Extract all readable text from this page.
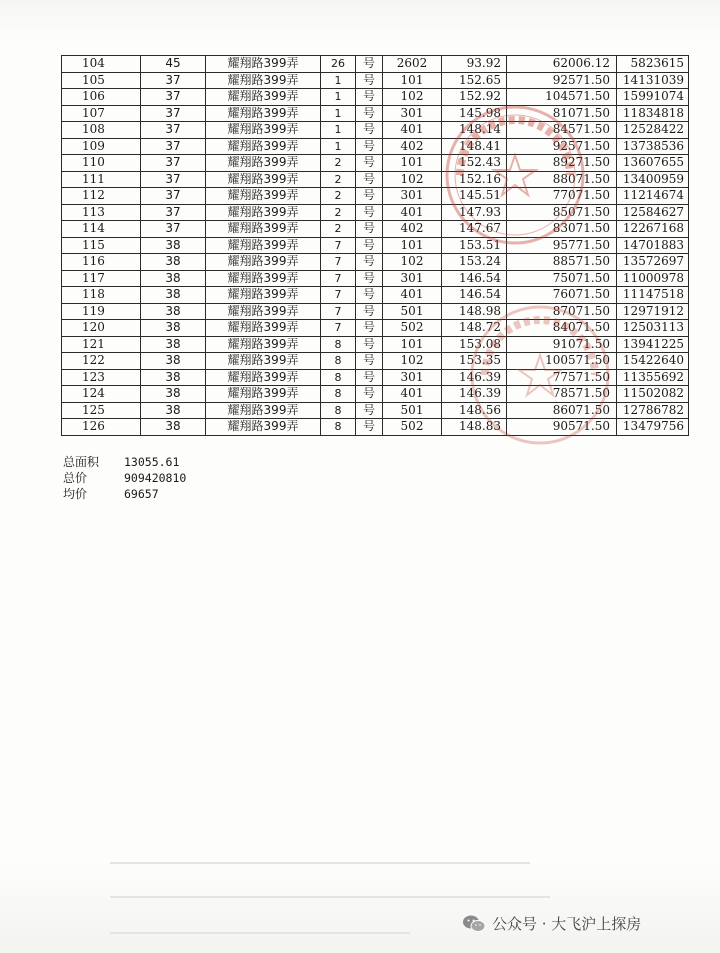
104	45	耀翔路399弄	26	号	2602	93.92	62006.12	5823615
105	37	耀翔路399弄	1	号	101	152.65	92571.50	14131039
106	37	耀翔路399弄	1	号	102	152.92	104571.50	15991074
107	37	耀翔路399弄	1	号	301	145.98	81071.50	11834818
108	37	耀翔路399弄	1	号	401	148.14	84571.50	12528422
109	37	耀翔路399弄	1	号	402	148.41	92571.50	13738536
110	37	耀翔路399弄	2	号	101	152.43	89271.50	13607655
111	37	耀翔路399弄	2	号	102	152.16	88071.50	13400959
112	37	耀翔路399弄	2	号	301	145.51	77071.50	11214674
113	37	耀翔路399弄	2	号	401	147.93	85071.50	12584627
114	37	耀翔路399弄	2	号	402	147.67	83071.50	12267168
115	38	耀翔路399弄	7	号	101	153.51	95771.50	14701883
116	38	耀翔路399弄	7	号	102	153.24	88571.50	13572697
117	38	耀翔路399弄	7	号	301	146.54	75071.50	11000978
118	38	耀翔路399弄	7	号	401	146.54	76071.50	11147518
119	38	耀翔路399弄	7	号	501	148.98	87071.50	12971912
120	38	耀翔路399弄	7	号	502	148.72	84071.50	12503113
121	38	耀翔路399弄	8	号	101	153.08	91071.50	13941225
122	38	耀翔路399弄	8	号	102	153.35	100571.50	15422640
123	38	耀翔路399弄	8	号	301	146.39	77571.50	11355692
124	38	耀翔路399弄	8	号	401	146.39	78571.50	11502082
125	38	耀翔路399弄	8	号	501	148.56	86071.50	12786782
126	38	耀翔路399弄	8	号	502	148.83	90571.50	13479756
总面积	13055.61
总价	909420810
均价	69657
公众号 · 大飞沪上探房
